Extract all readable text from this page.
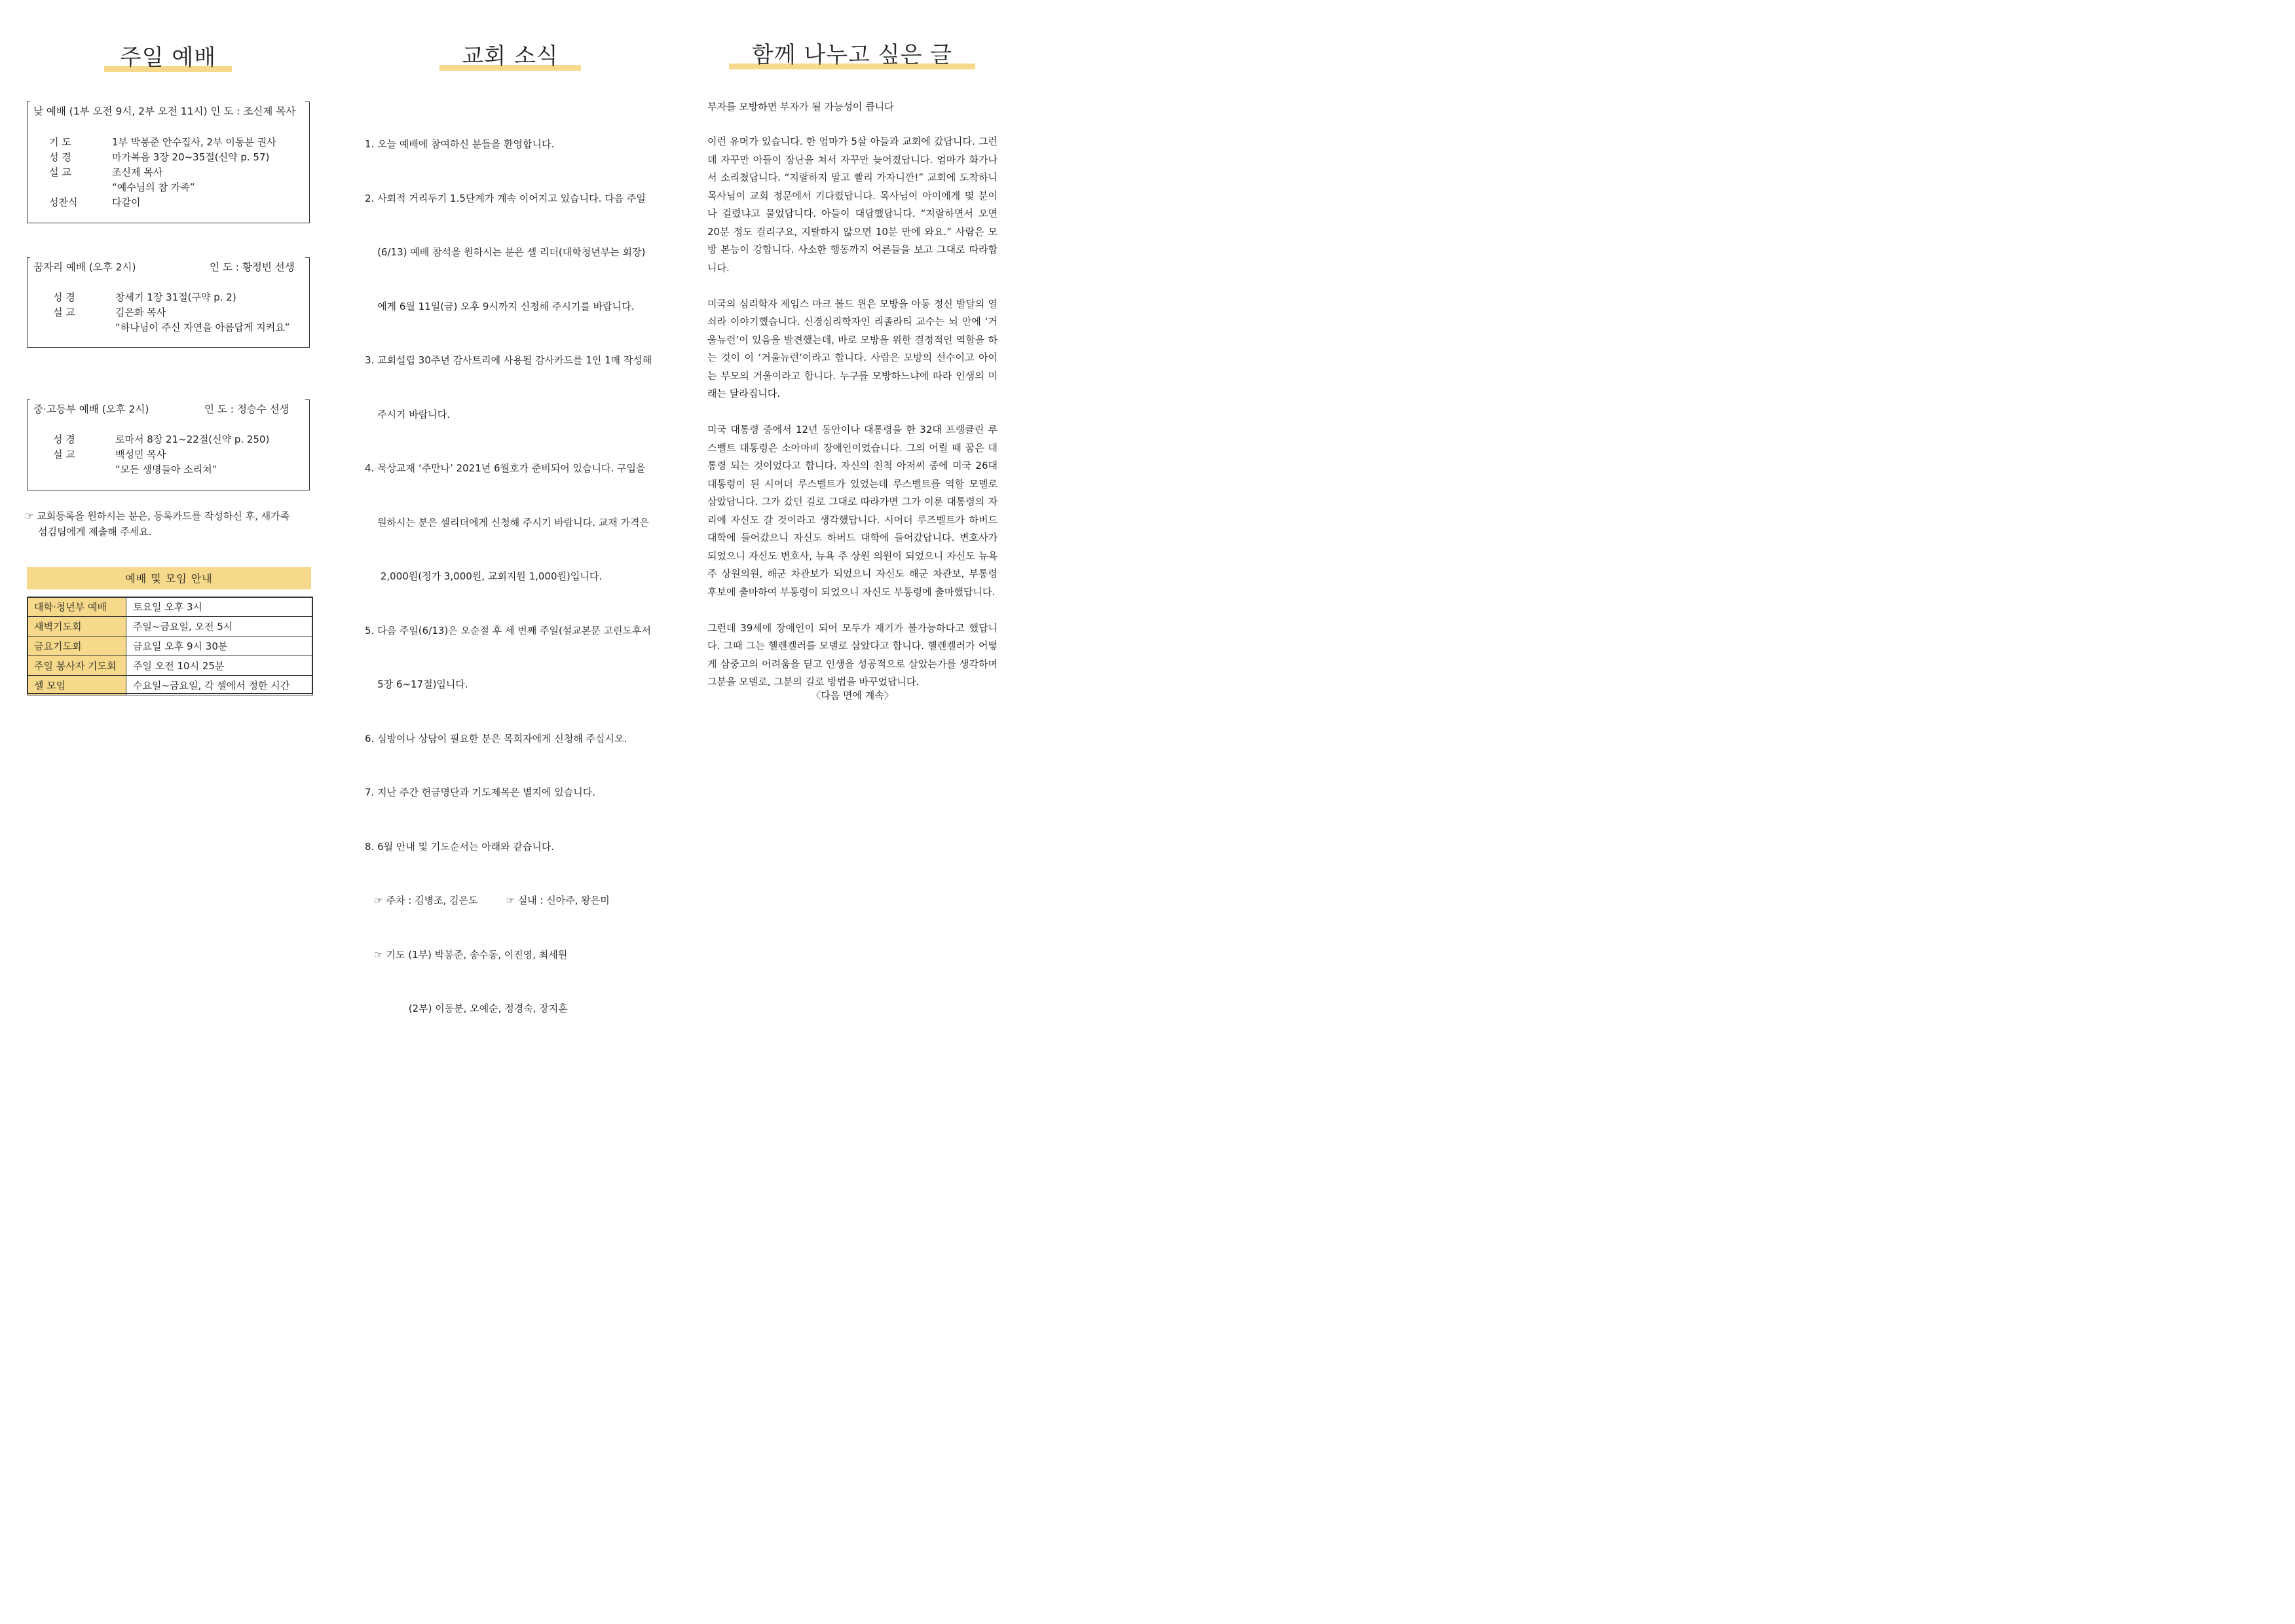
주일 예배
낮 예배 (1부 오전 9시, 2부 오전 11시) 인 도 : 조신제 목사
기 도	1부 박봉준 안수집사, 2부 이동분 권사
성 경	마가복음 3장 20~35절(신약 p. 57)
설 교	조신제 목사
“예수님의 참 가족”
성찬식	다같이
꿈자리 예배 (오후 2시)	인 도 : 황정빈 선생
성 경	창세기 1장 31절(구약 p. 2)
설 교	김은화 목사
“하나님이 주신 자연을 아름답게 지켜요”
중·고등부 예배 (오후 2시)	인 도 : 정승수 선생
성 경	로마서 8장 21~22절(신약 p. 250)
설 교	백성민 목사
“모든 생명들아 소리쳐”
☞ 교회등록을 원하시는 분은, 등록카드를 작성하신 후, 새가족
섬김팀에게 제출해 주세요.
예배 및 모임 안내
대학·청년부 예배	토요일 오후 3시
새벽기도회	주일~금요일, 오전 5시
금요기도회	금요일 오후 9시 30분
주일 봉사자 기도회	주일 오전 10시 25분
셀 모임	수요일~금요일, 각 셀에서 정한 시간
교회 소식

1. 오늘 예배에 참여하신 분들을 환영합니다.

2. 사회적 거리두기 1.5단계가 계속 이어지고 있습니다. 다음 주일

(6/13) 예배 참석을 원하시는 분은 셀 리더(대학청년부는 회장)

에게 6월 11일(금) 오후 9시까지 신청해 주시기를 바랍니다.

3. 교회설립 30주년 감사트리에 사용될 감사카드를 1인 1매 작성해

주시기 바랍니다.

4. 묵상교재 ‘주만나’ 2021년 6월호가 준비되어 있습니다. 구입을

원하시는 분은 셀리더에게 신청해 주시기 바랍니다. 교재 가격은

2,000원(정가 3,000원, 교회지원 1,000원)입니다.

5. 다음 주일(6/13)은 오순절 후 세 번째 주일(설교본문 고린도후서

5장 6~17절)입니다.

6. 심방이나 상담이 필요한 분은 목회자에게 신청해 주십시오.

7. 지난 주간 헌금명단과 기도제목은 별지에 있습니다.

8. 6월 안내 및 기도순서는 아래와 같습니다.

☞ 주차 : 김병조, 김은도         ☞ 실내 : 신아주, 왕은미

☞ 기도 (1부) 박봉준, 송수동, 이진영, 최세원

(2부) 이동분, 오예순, 정경숙, 장지훈

함께 나누고 싶은 글
부자를 모방하면 부자가 될 가능성이 큽니다

이런 유머가 있습니다. 한 엄마가 5살 아들과 교회에 갔답니다. 그런데 자꾸만 아들이 장난을 쳐서 자꾸만 늦어졌답니다. 엄마가 화가나서 소리쳤답니다. “지랄하지 말고 빨리 가자니깐!” 교회에 도착하니 목사님이 교회 정문에서 기다렸답니다. 목사님이 아이에게 몇 분이나 걸렸냐고 물었답니다. 아들이 대답했답니다. “지랄하면서 오면 20분 정도 걸리구요, 지랄하지 않으면 10분 만에 와요.” 사람은 모방 본능이 강합니다. 사소한 행동까지 어른들을 보고 그대로 따라합니다.

미국의 심리학자 제임스 마크 볼드 윈은 모방을 아동 정신 발달의 열쇠라 이야기했습니다. 신경심리학자인 리졸라티 교수는 뇌 안에 ‘거울뉴런’이 있음을 발견했는데, 바로 모방을 위한 결정적인 역할을 하는 것이 이 ‘거울뉴런’이라고 합니다. 사람은 모방의 선수이고 아이는 부모의 거울이라고 합니다. 누구를 모방하느냐에 따라 인생의 미래는 달라집니다.

미국 대통령 중에서 12년 동안이나 대통령을 한 32대 프랭클린 루스벨트 대통령은 소아마비 장애인이었습니다. 그의 어릴 때 꿈은 대통령 되는 것이었다고 합니다. 자신의 친척 아저씨 중에 미국 26대 대통령이 된 시어더 루스벨트가 있었는데 루스벨트를 역할 모델로 삼았답니다. 그가 갔던 길로 그대로 따라가면 그가 이룬 대통령의 자리에 자신도 갈 것이라고 생각했답니다. 시어더 루즈벨트가 하버드대학에 들어갔으니 자신도 하버드 대학에 들어갔답니다. 변호사가 되었으니 자신도 변호사, 뉴욕 주 상원 의원이 되었으니 자신도 뉴욕 주 상원의원, 해군 차관보가 되었으니 자신도 해군 차관보, 부통령 후보에 출마하여 부통령이 되었으니 자신도 부통령에 출마했답니다.

그런데 39세에 장애인이 되어 모두가 재기가 불가능하다고 했답니다. 그때 그는 헬렌켈러를 모델로 삼았다고 합니다. 헬렌켈러가 어떻게 삼중고의 어려움을 딛고 인생을 성공적으로 살았는가를 생각하며 그분을 모델로, 그분의 길로 방법을 바꾸었답니다.

〈다음 면에 계속〉
